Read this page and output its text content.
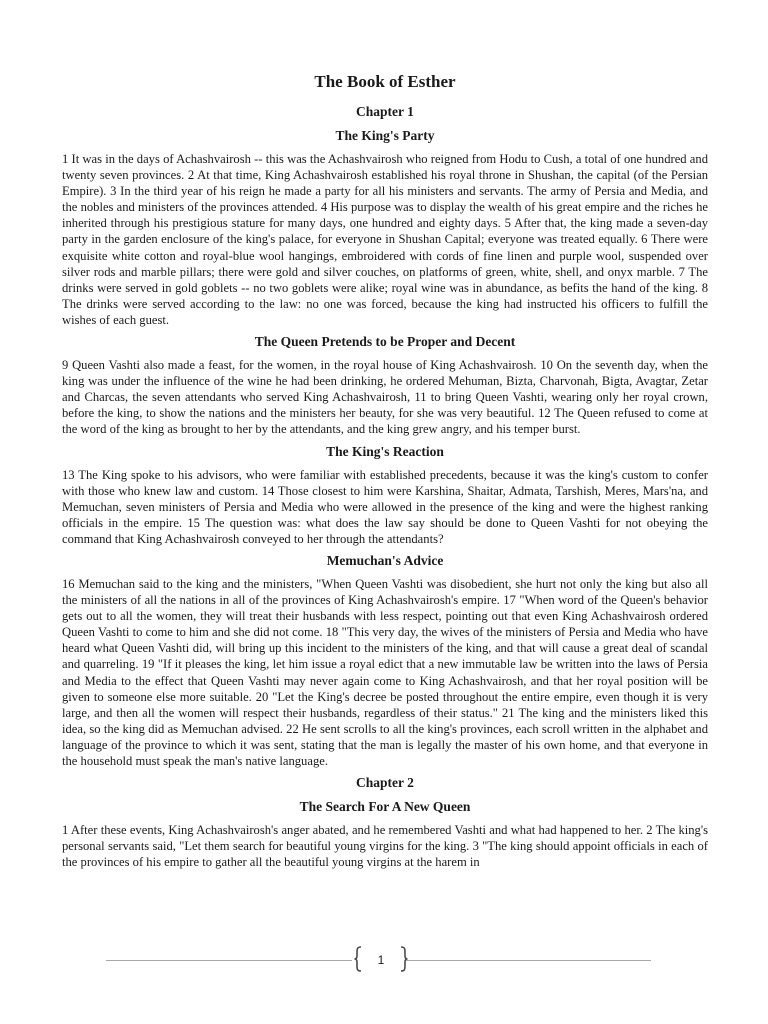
The Book of Esther
Chapter 1
The King's Party

1 It was in the days of Achashvairosh -- this was the Achashvairosh who reigned from Hodu to Cush, a total of one hundred and twenty seven provinces. 2 At that time, King Achashvairosh established his royal throne in Shushan, the capital (of the Persian Empire). 3 In the third year of his reign he made a party for all his ministers and servants. The army of Persia and Media, and the nobles and ministers of the provinces attended. 4 His purpose was to display the wealth of his great empire and the riches he inherited through his prestigious stature for many days, one hundred and eighty days. 5 After that, the king made a seven-day party in the garden enclosure of the king's palace, for everyone in Shushan Capital; everyone was treated equally. 6 There were exquisite white cotton and royal-blue wool hangings, embroidered with cords of fine linen and purple wool, suspended over silver rods and marble pillars; there were gold and silver couches, on platforms of green, white, shell, and onyx marble. 7 The drinks were served in gold goblets -- no two goblets were alike; royal wine was in abundance, as befits the hand of the king. 8 The drinks were served according to the law: no one was forced, because the king had instructed his officers to fulfill the wishes of each guest.

The Queen Pretends to be Proper and Decent

9 Queen Vashti also made a feast, for the women, in the royal house of King Achashvairosh. 10 On the seventh day, when the king was under the influence of the wine he had been drinking, he ordered Mehuman, Bizta, Charvonah, Bigta, Avagtar, Zetar and Charcas, the seven attendants who served King Achashvairosh, 11 to bring Queen Vashti, wearing only her royal crown, before the king, to show the nations and the ministers her beauty, for she was very beautiful. 12 The Queen refused to come at the word of the king as brought to her by the attendants, and the king grew angry, and his temper burst.

The King's Reaction

13 The King spoke to his advisors, who were familiar with established precedents, because it was the king's custom to confer with those who knew law and custom. 14 Those closest to him were Karshina, Shaitar, Admata, Tarshish, Meres, Mars'na, and Memuchan, seven ministers of Persia and Media who were allowed in the presence of the king and were the highest ranking officials in the empire. 15 The question was: what does the law say should be done to Queen Vashti for not obeying the command that King Achashvairosh conveyed to her through the attendants?

Memuchan's Advice

16 Memuchan said to the king and the ministers, "When Queen Vashti was disobedient, she hurt not only the king but also all the ministers of all the nations in all of the provinces of King Achashvairosh's empire. 17 "When word of the Queen's behavior gets out to all the women, they will treat their husbands with less respect, pointing out that even King Achashvairosh ordered Queen Vashti to come to him and she did not come. 18 "This very day, the wives of the ministers of Persia and Media who have heard what Queen Vashti did, will bring up this incident to the ministers of the king, and that will cause a great deal of scandal and quarreling. 19 "If it pleases the king, let him issue a royal edict that a new immutable law be written into the laws of Persia and Media to the effect that Queen Vashti may never again come to King Achashvairosh, and that her royal position will be given to someone else more suitable. 20 "Let the King's decree be posted throughout the entire empire, even though it is very large, and then all the women will respect their husbands, regardless of their status." 21 The king and the ministers liked this idea, so the king did as Memuchan advised. 22 He sent scrolls to all the king's provinces, each scroll written in the alphabet and language of the province to which it was sent, stating that the man is legally the master of his own home, and that everyone in the household must speak the man's native language.

Chapter 2
The Search For A New Queen

1 After these events, King Achashvairosh's anger abated, and he remembered Vashti and what had happened to her. 2 The king's personal servants said, "Let them search for beautiful young virgins for the king. 3 "The king should appoint officials in each of the provinces of his empire to gather all the beautiful young virgins at the harem in

1
